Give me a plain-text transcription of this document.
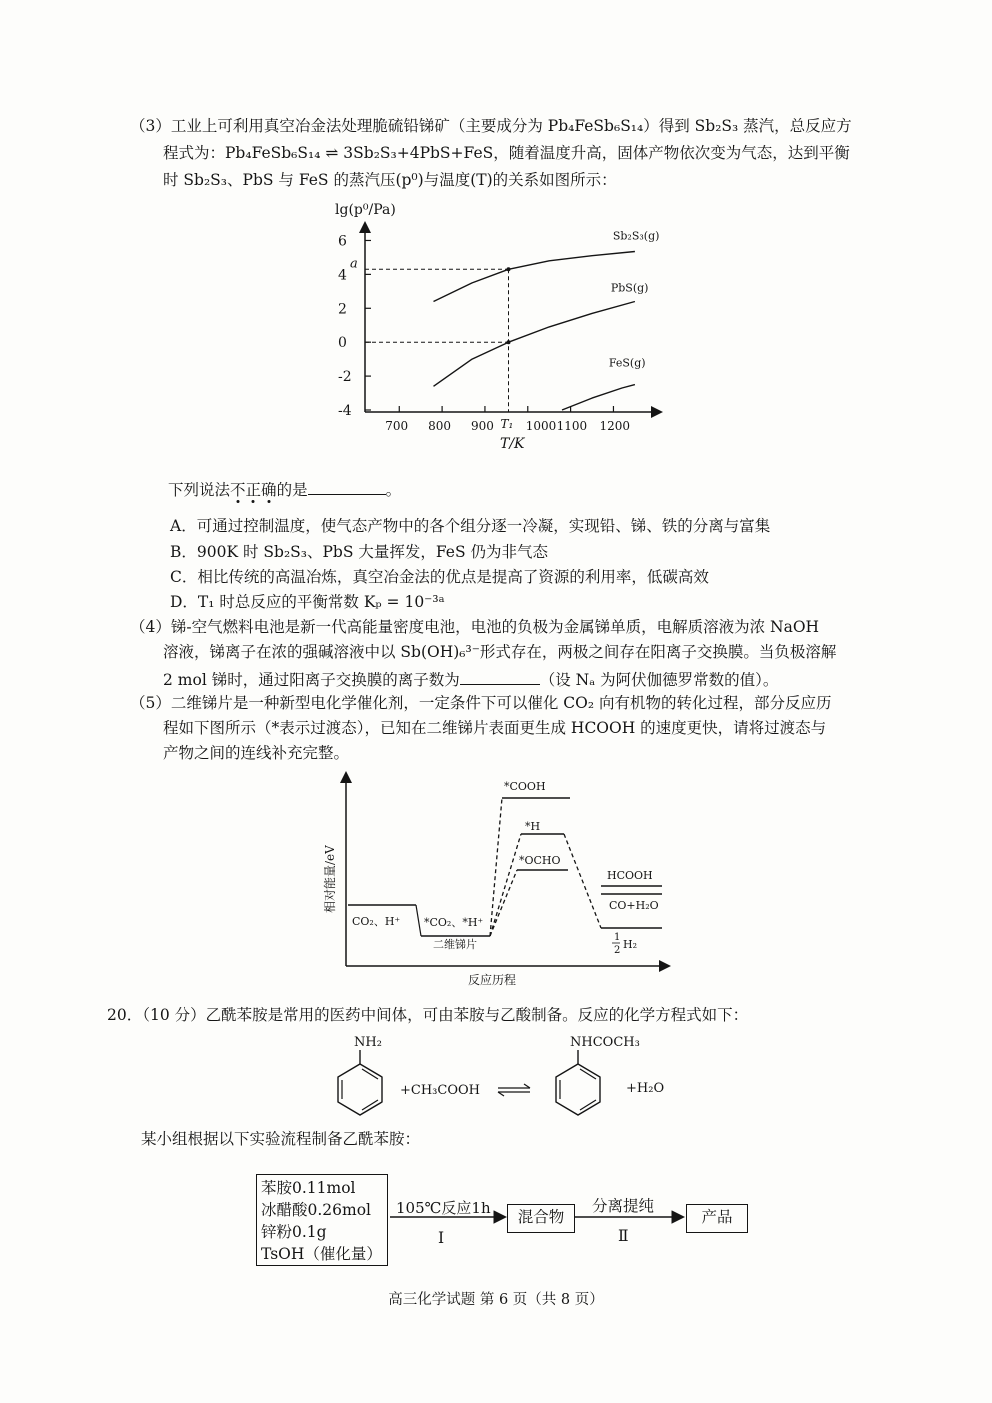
（3）工业上可利用真空冶金法处理脆硫铅锑矿（主要成分为 Pb₄FeSb₆S₁₄）得到 Sb₂S₃ 蒸汽，总反应方
程式为：Pb₄FeSb₆S₁₄ ⇌ 3Sb₂S₃+4PbS+FeS，随着温度升高，固体产物依次变为气态，达到平衡
时 Sb₂S₃、PbS 与 FeS 的蒸汽压(p⁰)与温度(T)的关系如图所示：
lg(p⁰/Pa)
6
4
2
0
-2
-4
700 800 900	1000 1100 1200
a
T₁
Sb₂S₃(g)
PbS(g)
FeS(g)
T/K
下列说法不正确的是	。
A．可通过控制温度，使气态产物中的各个组分逐一冷凝，实现铅、锑、铁的分离与富集
B．900K 时 Sb₂S₃、PbS 大量挥发，FeS 仍为非气态
C．相比传统的高温冶炼，真空冶金法的优点是提高了资源的利用率，低碳高效
D．T₁ 时总反应的平衡常数 Kₚ = 10⁻³ᵃ
（4）锑-空气燃料电池是新一代高能量密度电池，电池的负极为金属锑单质，电解质溶液为浓 NaOH
溶液，锑离子在浓的强碱溶液中以 Sb(OH)₆³⁻形式存在，两极之间存在阳离子交换膜。当负极溶解
2 mol 锑时，通过阳离子交换膜的离子数为	（设 Nₐ 为阿伏伽德罗常数的值）。
（5）二维锑片是一种新型电化学催化剂，一定条件下可以催化 CO₂ 向有机物的转化过程，部分反应历
程如下图所示（*表示过渡态），已知在二维锑片表面更生成 HCOOH 的速度更快，请将过渡态与
产物之间的连线补充完整。
相对能量/eV
反应历程
CO₂、H⁺ *CO₂、*H⁺
二维锑片
*COOH
*H
*OCHO
HCOOH
CO+H₂O
1
2 H₂
20．（10 分）乙酰苯胺是常用的医药中间体，可由苯胺与乙酸制备。反应的化学方程式如下：
NH₂
+CH₃COOH
NHCOCH₃
+H₂O
某小组根据以下实验流程制备乙酰苯胺：
苯胺0.11mol
冰醋酸0.26mol
锌粉0.1g
TsOH（催化量）
105℃反应1h
Ⅰ
混合物
分离提纯
Ⅱ
产品
高三化学试题 第 6 页（共 8 页）
